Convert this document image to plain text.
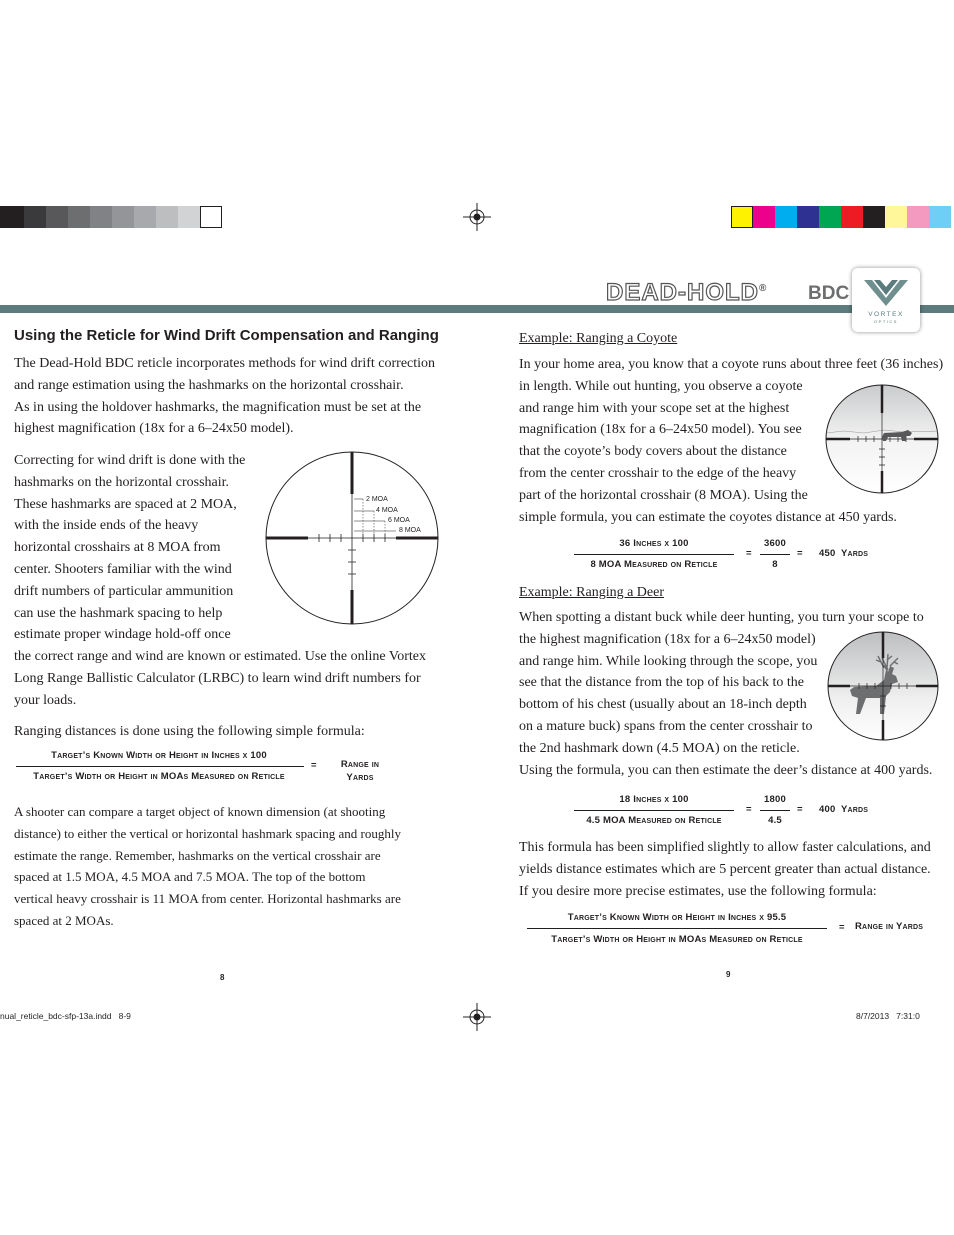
DEAD-HOLD® BDC
VORTEX
OPTICS
Using the Reticle for Wind Drift Compensation and Ranging
The Dead-Hold BDC reticle incorporates methods for wind drift correction
and range estimation using the hashmarks on the horizontal crosshair.
As in using the holdover hashmarks, the magnification must be set at the
highest magnification (18x for a 6–24x50 model).
Correcting for wind drift is done with the
hashmarks on the horizontal crosshair.
These hashmarks are spaced at 2 MOA,
with the inside ends of the heavy
horizontal crosshairs at 8 MOA from
center. Shooters familiar with the wind
drift numbers of particular ammunition
can use the hashmark spacing to help
estimate proper windage hold-off once
the correct range and wind are known or estimated. Use the online Vortex
Long Range Ballistic Calculator (LRBC) to learn wind drift numbers for
your loads.
2 MOA
4 MOA
6 MOA
8 MOA
Ranging distances is done using the following simple formula:
Target’s Known Width or Height in Inches x 100
Target’s Width or Height in MOAs Measured on Reticle
=	Range in
Yards
A shooter can compare a target object of known dimension (at shooting
distance) to either the vertical or horizontal hashmark spacing and roughly
estimate the range. Remember, hashmarks on the vertical crosshair are
spaced at 1.5 MOA, 4.5 MOA and 7.5 MOA. The top of the bottom
vertical heavy crosshair is 11 MOA from center. Horizontal hashmarks are
spaced at 2 MOAs.
8
Example: Ranging a Coyote
In your home area, you know that a coyote runs about three feet (36 inches)
in length. While out hunting, you observe a coyote
and range him with your scope set at the highest
magnification (18x for a 6–24x50 model). You see
that the coyote’s body covers about the distance
from the center crosshair to the edge of the heavy
part of the horizontal crosshair (8 MOA). Using the
simple formula, you can estimate the coyotes distance at 450 yards.
36 Inches x 100
8 MOA Measured on Reticle
=
3600
8
= 450  Yards
Example: Ranging a Deer
When spotting a distant buck while deer hunting, you turn your scope to
the highest magnification (18x for a 6–24x50 model)
and range him. While looking through the scope, you
see that the distance from the top of his back to the
bottom of his chest (usually about an 18-inch depth
on a mature buck) spans from the center crosshair to
the 2nd hashmark down (4.5 MOA) on the reticle.
Using the formula, you can then estimate the deer’s distance at 400 yards.
18 Inches x 100
4.5 MOA Measured on Reticle
=
1800
4.5
= 400  Yards
This formula has been simplified slightly to allow faster calculations, and
yields distance estimates which are 5 percent greater than actual distance.
If you desire more precise estimates, use the following formula:
Target’s Known Width or Height in Inches x 95.5
Target’s Width or Height in MOAs Measured on Reticle
= Range in Yards
9
nual_reticle_bdc-sfp-13a.indd   8-9	8/7/2013   7:31:0
